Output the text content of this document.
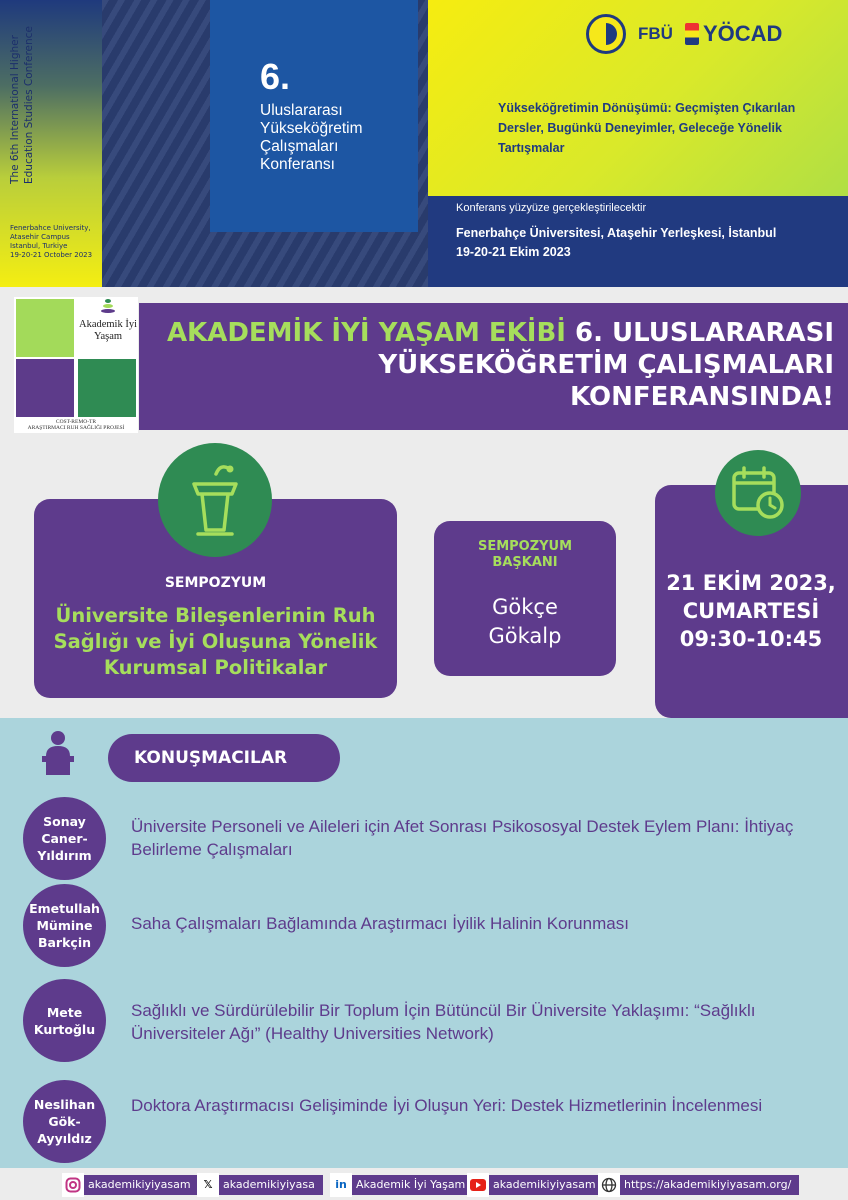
The 6th International Higher Education Studies Conference
Fenerbahce University,
Atasehir Campus
Istanbul, Turkiye
19-20-21 October 2023
6.
Uluslararası Yükseköğretim Çalışmaları Konferansı
FBÜ YÖCAD
Yükseköğretimin Dönüşümü: Geçmişten Çıkarılan Dersler, Bugünkü Deneyimler, Geleceğe Yönelik Tartışmalar
Konferans yüzyüze gerçekleştirilecektir
Fenerbahçe Üniversitesi, Ataşehir Yerleşkesi, İstanbul
19-20-21 Ekim 2023
Akademik İyi Yaşam
COST-REMO-TR
ARAŞTIRMACI RUH SAĞLIĞI PROJESİ
AKADEMİK İYİ YAŞAM EKİBİ 6. ULUSLARARASI YÜKSEKÖĞRETİM ÇALIŞMALARI KONFERANSINDA!
SEMPOZYUM
Üniversite Bileşenlerinin Ruh Sağlığı ve İyi Oluşuna Yönelik Kurumsal Politikalar
SEMPOZYUM BAŞKANI
Gökçe Gökalp
21 EKİM 2023, CUMARTESİ 09:30-10:45
KONUŞMACILAR
Sonay Caner-Yıldırım
Üniversite Personeli ve Aileleri için Afet Sonrası Psikososyal Destek Eylem Planı: İhtiyaç Belirleme Çalışmaları
Emetullah Mümine Barkçin
Saha Çalışmaları Bağlamında Araştırmacı İyilik Halinin Korunması
Mete Kurtoğlu
Sağlıklı ve Sürdürülebilir Bir Toplum İçin Bütüncül Bir Üniversite Yaklaşımı: “Sağlıklı Üniversiteler Ağı” (Healthy Universities Network)
Neslihan Gök-Ayyıldız
Doktora Araştırmacısı Gelişiminde İyi Oluşun Yeri: Destek Hizmetlerinin İncelenmesi
akademikiyiyasam	𝕏 akademikiyiyasa	in Akademik İyi Yaşam	akademikiyiyasam	https://akademikiyiyasam.org/
